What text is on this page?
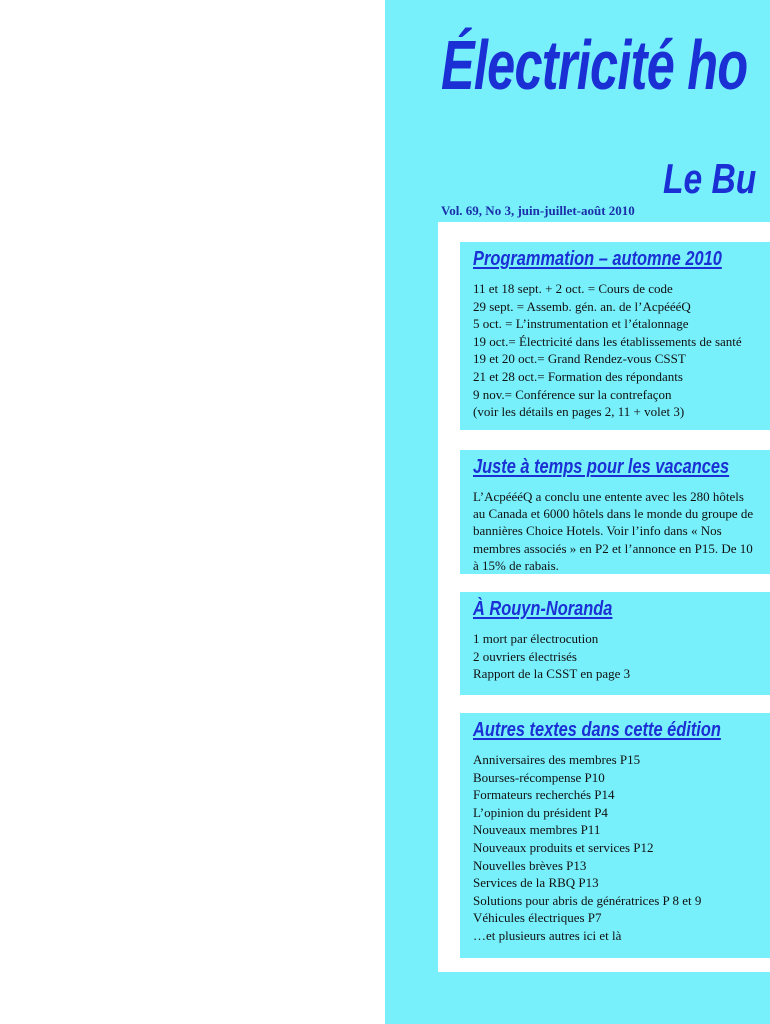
Électricité ho
Le Bu
Vol. 69, No 3, juin-juillet-août 2010
Programmation – automne 2010
11 et 18 sept. + 2 oct. = Cours de code
29 sept. = Assemb. gén. an. de l’AcpéééQ
5 oct. = L’instrumentation et l’étalonnage
19 oct.= Électricité dans les établissements de santé
19 et 20 oct.= Grand Rendez-vous CSST
21 et 28 oct.= Formation des répondants
9 nov.= Conférence sur la contrefaçon
(voir les détails en pages 2, 11 + volet 3)
Juste à temps pour les vacances

L’AcpéééQ a conclu une entente avec les 280 hôtels au Canada et 6000 hôtels dans le monde du groupe de bannières Choice Hotels. Voir l’info dans « Nos membres associés » en P2 et l’annonce en P15. De 10 à 15% de rabais.

À Rouyn-Noranda
1 mort par électrocution
2 ouvriers électrisés
Rapport de la CSST en page 3
Autres textes dans cette édition
Anniversaires des membres P15
Bourses-récompense P10
Formateurs recherchés P14
L’opinion du président P4
Nouveaux membres P11
Nouveaux produits et services P12
Nouvelles brèves P13
Services de la RBQ P13
Solutions pour abris de génératrices P 8 et 9
Véhicules électriques P7
…et plusieurs autres ici et là
